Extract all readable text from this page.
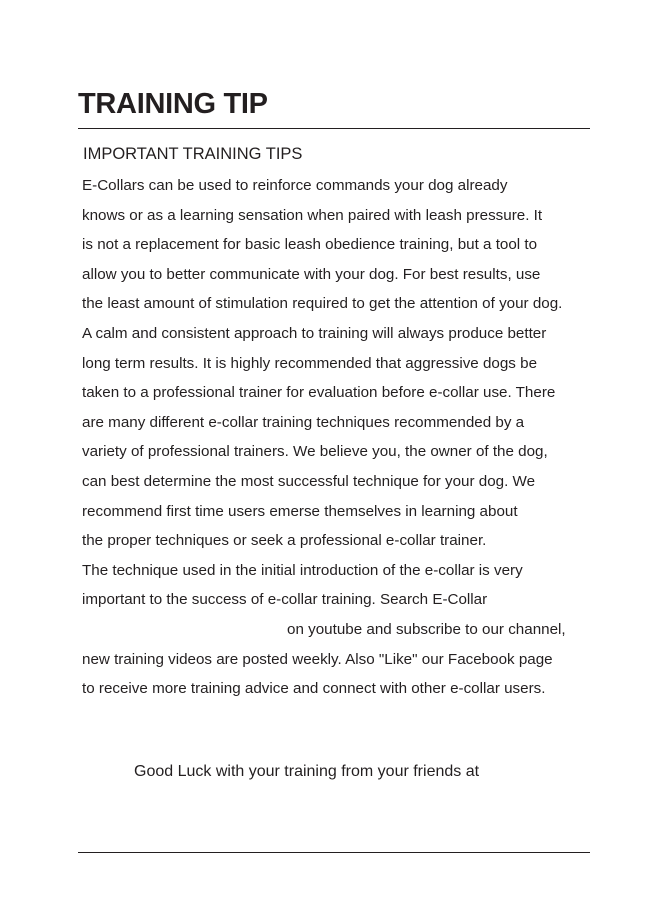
TRAINING TIP
IMPORTANT TRAINING TIPS
E-Collars can be used to reinforce commands your dog already
knows or as a learning sensation when paired with leash pressure. It
is not a replacement for basic leash obedience training, but a tool to
allow you to better communicate with your dog. For best results, use
the least amount of stimulation required to get the attention of your dog.
A calm and consistent approach to training will always produce better
long term results. It is highly recommended that aggressive dogs be
taken to a professional trainer for evaluation before e-collar use. There
are many different e-collar training techniques recommended by a
variety of professional trainers. We believe you, the owner of the dog,
can best determine the most successful technique for your dog. We
recommend first time users emerse themselves in learning about
the proper techniques or seek a professional e-collar trainer.
The technique used in the initial introduction of the e-collar is very
important to the success of e-collar training. Search E-Collar
on youtube and subscribe to our channel,
new training videos are posted weekly. Also "Like" our Facebook page
to receive more training advice and connect with other e-collar users.

Good Luck with your training from your friends at
